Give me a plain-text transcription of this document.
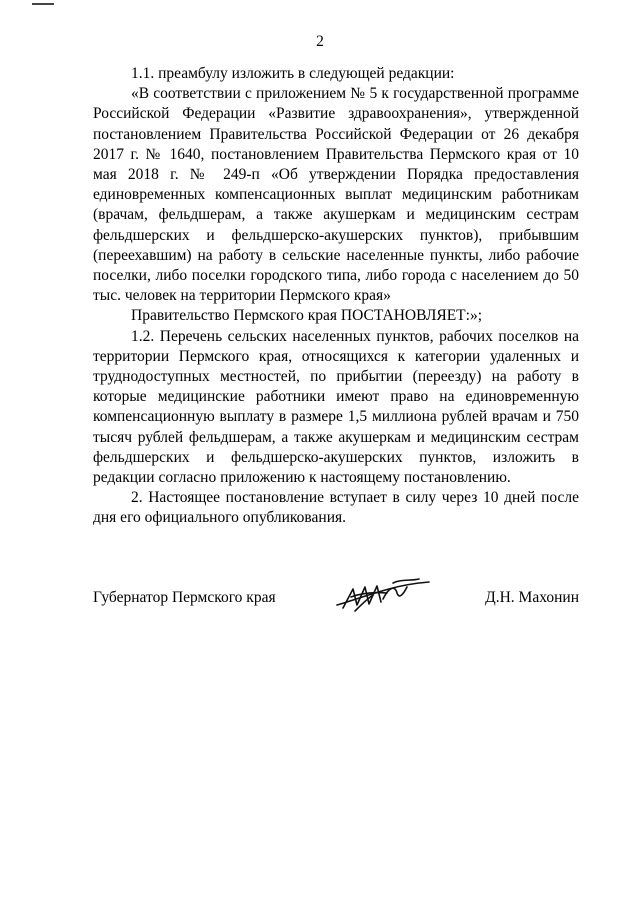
2

1.1. преамбулу изложить в следующей редакции:

«В соответствии с приложением № 5 к государственной программе Российской Федерации «Развитие здравоохранения», утвержденной постановлением Правительства Российской Федерации от 26 декабря 2017 г. № 1640, постановлением Правительства Пермского края от 10 мая 2018 г. № 249-п «Об утверждении Порядка предоставления единовременных компенсационных выплат медицинским работникам (врачам, фельдшерам, а также акушеркам и медицинским сестрам фельдшерских и фельдшерско-акушерских пунктов), прибывшим (переехавшим) на работу в сельские населенные пункты, либо рабочие поселки, либо поселки городского типа, либо города с населением до 50 тыс. человек на территории Пермского края»

Правительство Пермского края ПОСТАНОВЛЯЕТ:»;

1.2. Перечень сельских населенных пунктов, рабочих поселков на территории Пермского края, относящихся к категории удаленных и труднодоступных местностей, по прибытии (переезду) на работу в которые медицинские работники имеют право на единовременную компенсационную выплату в размере 1,5 миллиона рублей врачам и 750 тысяч рублей фельдшерам, а также акушеркам и медицинским сестрам фельдшерских и фельдшерско-акушерских пунктов, изложить в редакции согласно приложению к настоящему постановлению.

2. Настоящее постановление вступает в силу через 10 дней после дня его официального опубликования.

Губернатор Пермского края	Д.Н. Махонин
